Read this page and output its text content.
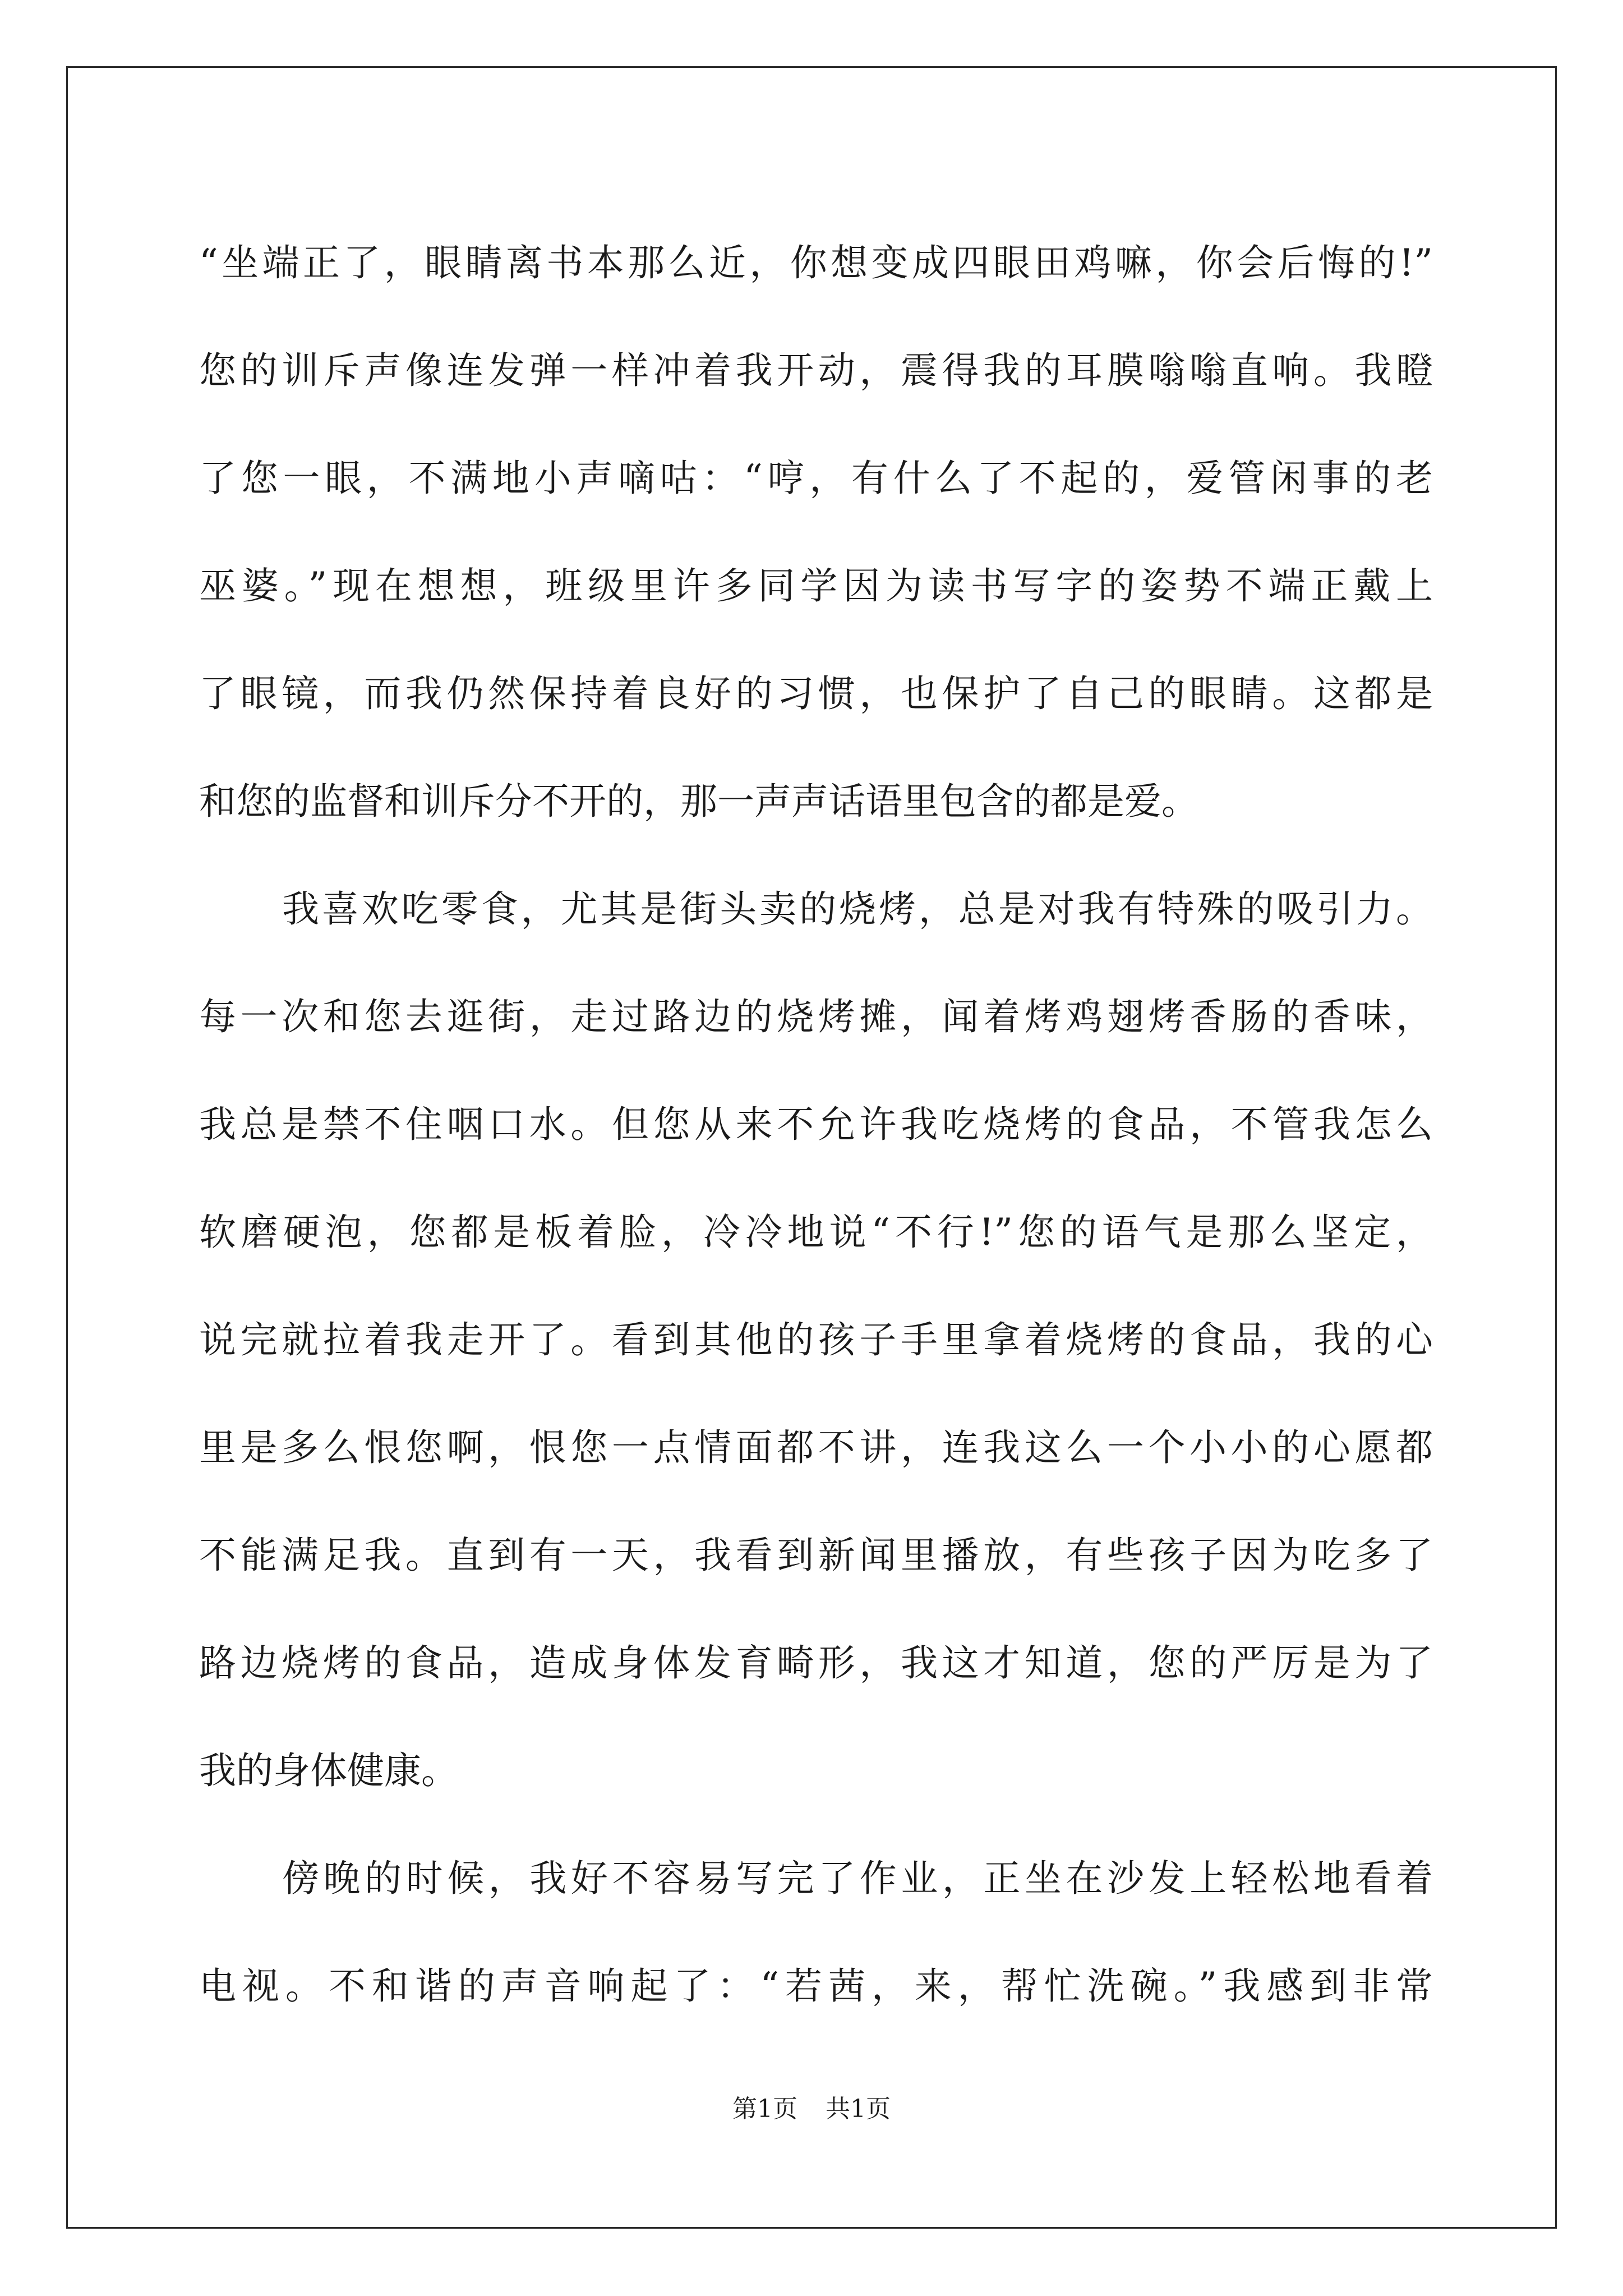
“坐端正了，眼睛离书本那么近，你想变成四眼田鸡嘛，你会后悔的!”
您的训斥声像连发弹一样冲着我开动，震得我的耳膜嗡嗡直响。我瞪
了您一眼，不满地小声嘀咕：“哼，有什么了不起的，爱管闲事的老
巫婆。”现在想想，班级里许多同学因为读书写字的姿势不端正戴上
了眼镜，而我仍然保持着良好的习惯，也保护了自己的眼睛。这都是
和您的监督和训斥分不开的，那一声声话语里包含的都是爱。
我喜欢吃零食，尤其是街头卖的烧烤，总是对我有特殊的吸引力。
每一次和您去逛街，走过路边的烧烤摊，闻着烤鸡翅烤香肠的香味，
我总是禁不住咽口水。但您从来不允许我吃烧烤的食品，不管我怎么
软磨硬泡，您都是板着脸，冷冷地说“不行!”您的语气是那么坚定，
说完就拉着我走开了。看到其他的孩子手里拿着烧烤的食品，我的心
里是多么恨您啊，恨您一点情面都不讲，连我这么一个小小的心愿都
不能满足我。直到有一天，我看到新闻里播放，有些孩子因为吃多了
路边烧烤的食品，造成身体发育畸形，我这才知道，您的严厉是为了
我的身体健康。
傍晚的时候，我好不容易写完了作业，正坐在沙发上轻松地看着
电视。不和谐的声音响起了：“若茜，来，帮忙洗碗。”我感到非常
第1页 共1页
